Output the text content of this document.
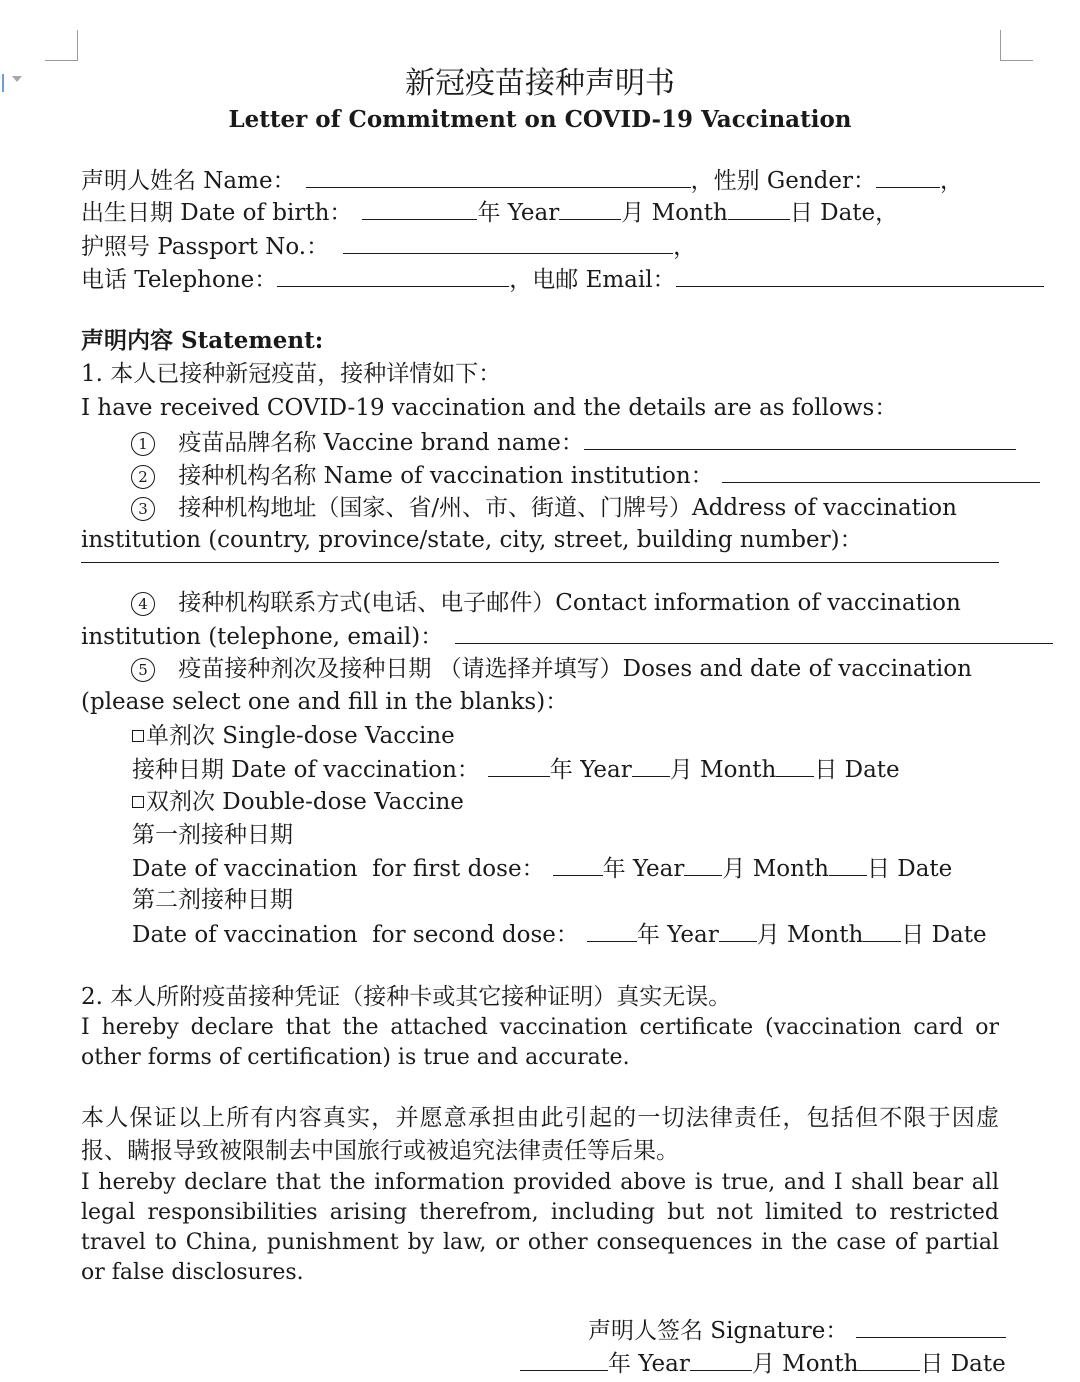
新冠疫苗接种声明书
Letter of Commitment on COVID-19 Vaccination
声明人姓名 Name：	，性别 Gender：	，
出生日期 Date of birth：	年 Year	月 Month	日 Date，
护照号 Passport No.：	，
电话 Telephone：	，电邮 Email：
声明内容 Statement:
1. 本人已接种新冠疫苗，接种详情如下：
I have received COVID-19 vaccination and the details are as follows：
1 疫苗品牌名称 Vaccine brand name：
2 接种机构名称 Name of vaccination institution：
3 接种机构地址（国家、省/州、市、街道、门牌号）Address of vaccination
institution (country, province/state, city, street, building number)：
4 接种机构联系方式(电话、电子邮件）Contact information of vaccination
institution (telephone, email)：
5 疫苗接种剂次及接种日期 （请选择并填写）Doses and date of vaccination
(please select one and fill in the blanks)：
单剂次 Single-dose Vaccine
接种日期 Date of vaccination：	年 Year 月 Month 日 Date
双剂次 Double-dose Vaccine
第一剂接种日期
Date of vaccination  for first dose：	年 Year 月 Month 日 Date
第二剂接种日期
Date of vaccination  for second dose：	年 Year 月 Month 日 Date
2. 本人所附疫苗接种凭证（接种卡或其它接种证明）真实无误。
I hereby declare that the attached vaccination certificate (vaccination card or other forms of certification) is true and accurate.
本人保证以上所有内容真实，并愿意承担由此引起的一切法律责任，包括但不限于因虚报、瞒报导致被限制去中国旅行或被追究法律责任等后果。
I hereby declare that the information provided above is true, and I shall bear all legal responsibilities arising therefrom, including but not limited to restricted travel to China, punishment by law, or other consequences in the case of partial or false disclosures.
声明人签名 Signature：
年 Year	月 Month	日 Date
